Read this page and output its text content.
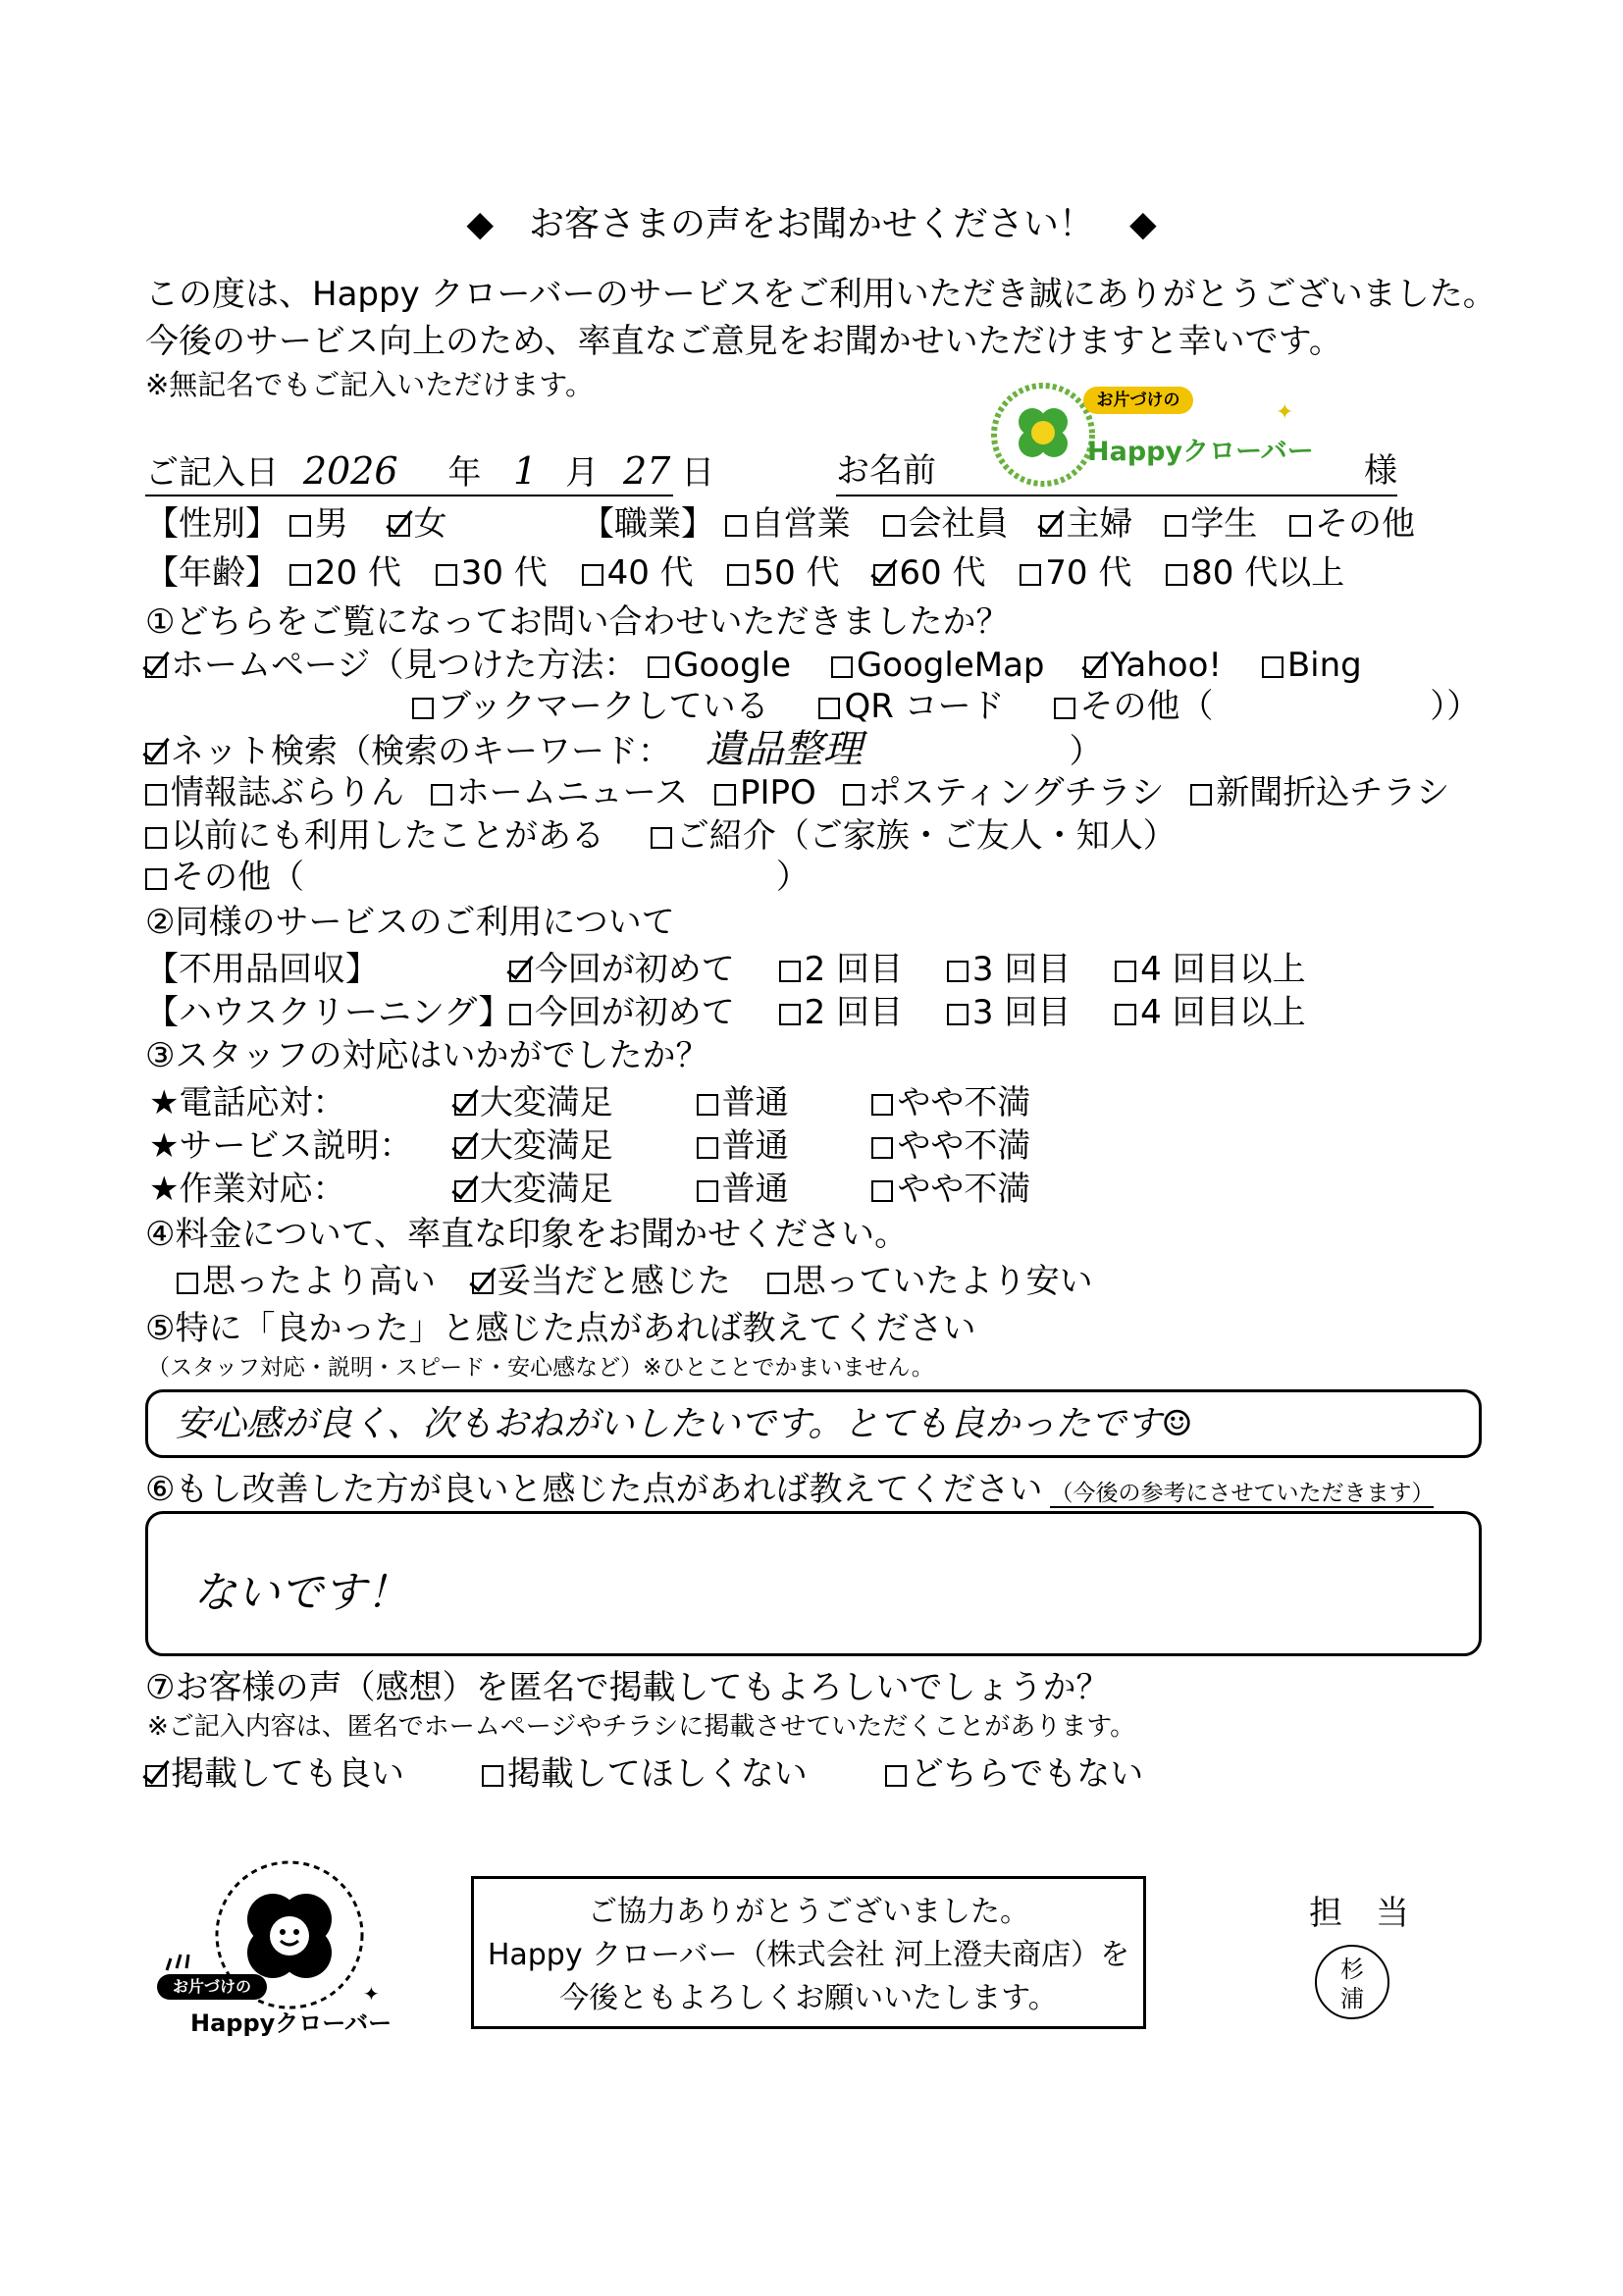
◆　お客さまの声をお聞かせください！　◆
この度は、Happy クローバーのサービスをご利用いただき誠にありがとうございました。
今後のサービス向上のため、率直なご意見をお聞かせいただけますと幸いです。
※無記名でもご記入いただけます。
ご記入日 2026 年 1 月 27 日	お名前	様
お片づけの
Happyクローバー
✦
【性別】 男 女	【職業】 自営業 会社員 主婦 学生 その他
【年齢】 20 代 30 代 40 代 50 代 60 代 70 代 80 代以上
①どちらをご覧になってお問い合わせいただきましたか？
ホームページ（見つけた方法： Google GoogleMap Yahoo! Bing
ブックマークしている QR コード その他（	））
ネット検索（検索のキーワード： 遺品整理	）
情報誌ぶらりん ホームニュース PIPO ポスティングチラシ 新聞折込チラシ
以前にも利用したことがある ご紹介（ご家族・ご友人・知人）
その他（	）
②同様のサービスのご利用について
【不用品回収】	今回が初めて 2 回目 3 回目 4 回目以上
【ハウスクリーニング】 今回が初めて 2 回目 3 回目 4 回目以上
③スタッフの対応はいかがでしたか？
★電話応対：	大変満足	普通	やや不満
★サービス説明： 大変満足	普通	やや不満
★作業対応：	大変満足	普通	やや不満
④料金について、率直な印象をお聞かせください。
思ったより高い 妥当だと感じた 思っていたより安い
⑤特に「良かった」と感じた点があれば教えてください
（スタッフ対応・説明・スピード・安心感など）※ひとことでかまいません。
安心感が良く、次もおねがいしたいです。とても良かったです☺
⑥もし改善した方が良いと感じた点があれば教えてください （今後の参考にさせていただきます）
ないです！
⑦お客様の声（感想）を匿名で掲載してもよろしいでしょうか？
※ご記入内容は、匿名でホームページやチラシに掲載させていただくことがあります。
掲載しても良い	掲載してほしくない	どちらでもない
お片づけの
Happyクローバー
✦
ご協力ありがとうございました。
Happy クローバー（株式会社 河上澄夫商店）を
今後ともよろしくお願いいたします。
担　当
杉浦
